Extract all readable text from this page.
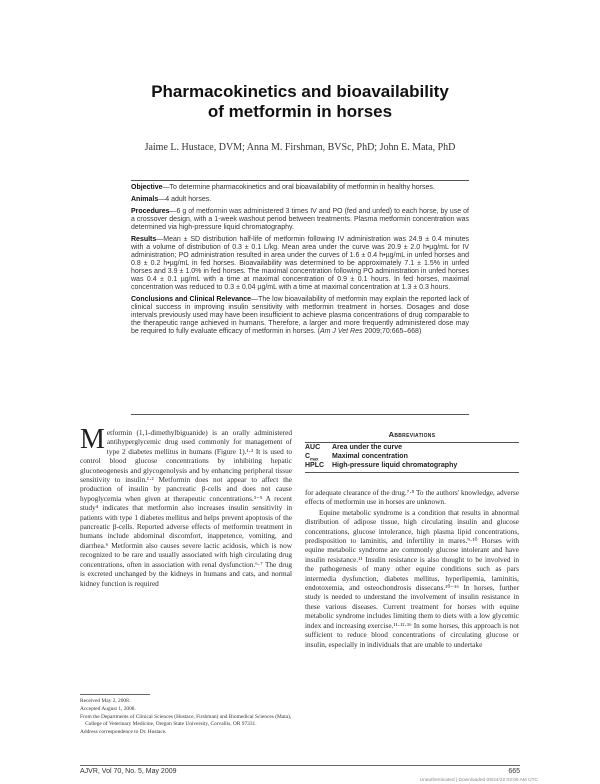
Pharmacokinetics and bioavailability
of metformin in horses
Jaime L. Hustace, DVM; Anna M. Firshman, BVSc, PhD; John E. Mata, PhD

Objective—To determine pharmacokinetics and oral bioavailability of metformin in healthy horses.

Animals—4 adult horses.

Procedures—6 g of metformin was administered 3 times IV and PO (fed and unfed) to each horse, by use of a crossover design, with a 1-week washout period between treatments. Plasma metformin concentration was determined via high-pressure liquid chromatography.

Results—Mean ± SD distribution half-life of metformin following IV administration was 24.9 ± 0.4 minutes with a volume of distribution of 0.3 ± 0.1 L/kg. Mean area under the curve was 20.9 ± 2.0 h•µg/mL for IV administration; PO administration resulted in area under the curves of 1.6 ± 0.4 h•µg/mL in unfed horses and 0.8 ± 0.2 h•µg/mL in fed horses. Bioavailability was determined to be approximately 7.1 ± 1.5% in unfed horses and 3.9 ± 1.0% in fed horses. The maximal concentration following PO administration in unfed horses was 0.4 ± 0.1 µg/mL with a time at maximal concentration of 0.9 ± 0.1 hours. In fed horses, maximal concentration was reduced to 0.3 ± 0.04 µg/mL with a time at maximal concentration at 1.3 ± 0.3 hours.

Conclusions and Clinical Relevance—The low bioavailability of metformin may explain the reported lack of clinical success in improving insulin sensitivity with metformin treatment in horses. Dosages and dose intervals previously used may have been insufficient to achieve plasma concentrations of drug comparable to the therapeutic range achieved in humans. Therefore, a larger and more frequently administered dose may be required to fully evaluate efficacy of metformin in horses. (Am J Vet Res 2009;70:665–668)

Metformin (1,1-dimethylbiguanide) is an orally administered antihyperglycemic drug used commonly for management of type 2 diabetes mellitus in humans (Figure 1).¹·² It is used to control blood glucose concentrations by inhibiting hepatic gluconeogenesis and glycogenolysis and by enhancing peripheral tissue sensitivity to insulin.¹·² Metformin does not appear to affect the production of insulin by pancreatic β-cells and does not cause hypoglycemia when given at therapeutic concentrations.³⁻⁵ A recent study⁴ indicates that metformin also increases insulin sensitivity in patients with type 1 diabetes mellitus and helps prevent apoptosis of the pancreatic β-cells. Reported adverse effects of metformin treatment in humans include abdominal discomfort, inappetence, vomiting, and diarrhea.⁶ Metformin also causes severe lactic acidosis, which is now recognized to be rare and usually associated with high circulating drug concentrations, often in association with renal dysfunction.⁶·⁷ The drug is excreted unchanged by the kidneys in humans and cats, and normal kidney function is required
Abbreviations
AUC	Area under the curve
$C_{max}$	Maximal concentration
HPLC	High-pressure liquid chromatography

for adequate clearance of the drug.⁷·⁸ To the authors' knowledge, adverse effects of metformin use in horses are unknown.

Equine metabolic syndrome is a condition that results in abnormal distribution of adipose tissue, high circulating insulin and glucose concentrations, glucose intolerance, high plasma lipid concentrations, predisposition to laminitis, and infertility in mares.⁹·¹⁰ Horses with equine metabolic syndrome are commonly glucose intolerant and have insulin resistance.¹¹ Insulin resistance is also thought to be involved in the pathogenesis of many other equine conditions such as pars intermedia dysfunction, diabetes mellitus, hyperlipemia, laminitis, endotoxemia, and osteochondrosis dissecans.¹⁰⁻¹⁶ In horses, further study is needed to understand the involvement of insulin resistance in these various diseases. Current treatment for horses with equine metabolic syndrome includes limiting them to diets with a low glycemic index and increasing exercise.¹¹·¹²·¹⁶ In some horses, this approach is not sufficient to reduce blood concentrations of circulating glucose or insulin, especially in individuals that are unable to undertake

Received May 2, 2008.
Accepted August 1, 2008.
From the Departments of Clinical Sciences (Hustace, Firshman) and Biomedical Sciences (Mata), College of Veterinary Medicine, Oregon State University, Corvallis, OR 97331.
Address correspondence to Dr. Hustace.
AJVR, Vol 70, No. 5, May 2009	665
Unauthenticated | Downloaded 09/24/22 03:09 AM UTC
